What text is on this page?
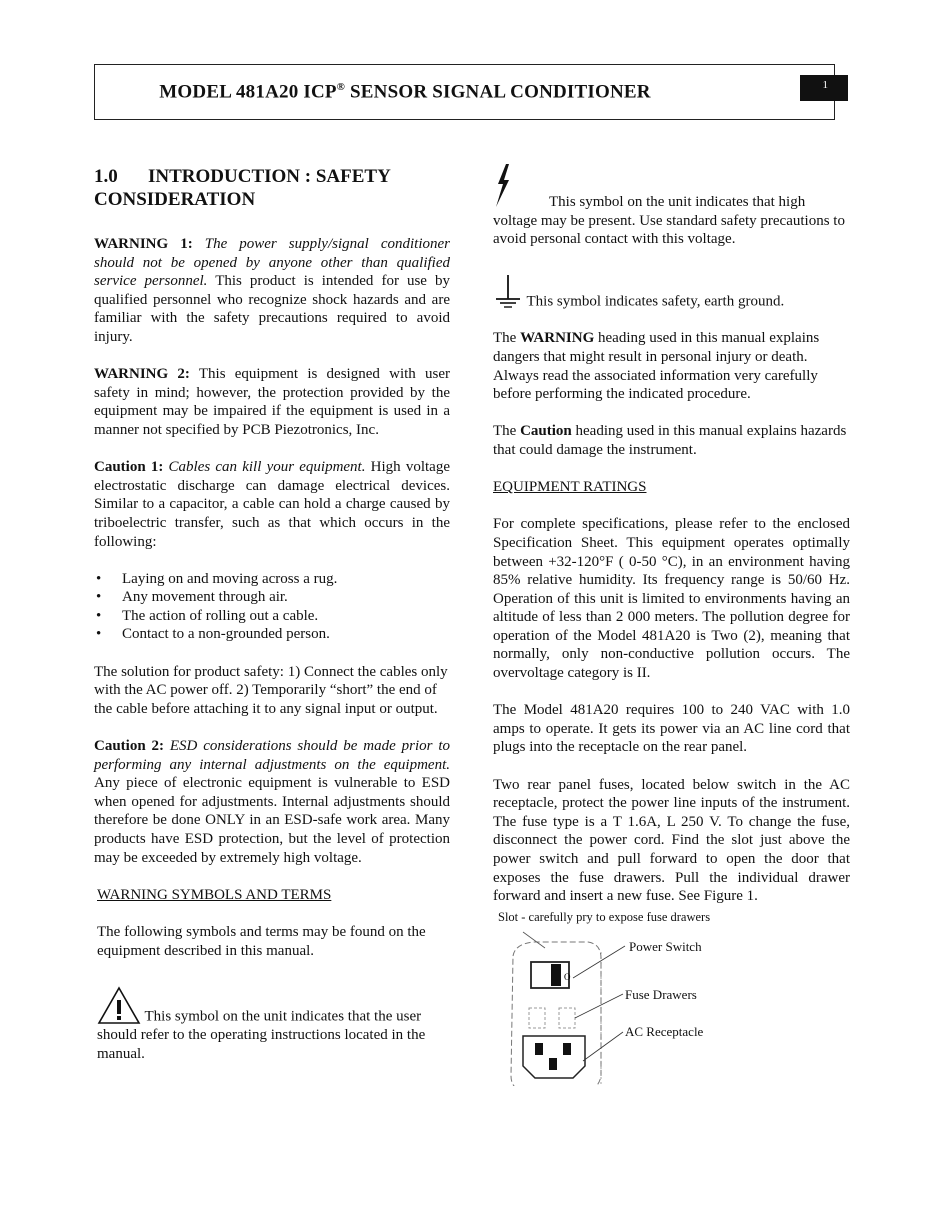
MODEL 481A20 ICP® SENSOR SIGNAL CONDITIONER	1
1.0 INTRODUCTION : SAFETY CONSIDERATION

WARNING 1: The power supply/signal conditioner should not be opened by anyone other than qualified service personnel. This product is intended for use by qualified personnel who recognize shock hazards and are familiar with the safety precautions required to avoid injury.

WARNING 2: This equipment is designed with user safety in mind; however, the protection provided by the equipment may be impaired if the equipment is used in a manner not specified by PCB Piezotronics, Inc.

Caution 1: Cables can kill your equipment. High voltage electrostatic discharge can damage electrical devices. Similar to a capacitor, a cable can hold a charge caused by triboelectric transfer, such as that which occurs in the following:

• Laying on and moving across a rug.
• Any movement through air.
• The action of rolling out a cable.
• Contact to a non-grounded person.

The solution for product safety: 1) Connect the cables only with the AC power off. 2) Temporarily “short” the end of the cable before attaching it to any signal input or output.

Caution 2: ESD considerations should be made prior to performing any internal adjustments on the equipment. Any piece of electronic equipment is vulnerable to ESD when opened for adjustments. Internal adjustments should therefore be done ONLY in an ESD-safe work area. Many products have ESD protection, but the level of protection may be exceeded by extremely high voltage.

WARNING SYMBOLS AND TERMS

The following symbols and terms may be found on the equipment described in this manual.

This symbol on the unit indicates that the user should refer to the operating instructions located in the manual.

This symbol on the unit indicates that high

voltage may be present. Use standard safety precautions to avoid personal contact with this voltage.

This symbol indicates safety, earth ground.

The WARNING heading used in this manual explains dangers that might result in personal injury or death. Always read the associated information very carefully before performing the indicated procedure.

The Caution heading used in this manual explains hazards that could damage the instrument.

EQUIPMENT RATINGS

For complete specifications, please refer to the enclosed Specification Sheet. This equipment operates optimally between +32-120°F ( 0-50 °C), in an environment having 85% relative humidity. Its frequency range is 50/60 Hz. Operation of this unit is limited to environments having an altitude of less than 2 000 meters. The pollution degree for operation of the Model 481A20 is Two (2), meaning that normally, only non-conductive pollution occurs. The overvoltage category is II.

The Model 481A20 requires 100 to 240 VAC with 1.0 amps to operate. It gets its power via an AC line cord that plugs into the receptacle on the rear panel.

Two rear panel fuses, located below switch in the AC receptacle, protect the power line inputs of the instrument. The fuse type is a T 1.6A, L 250 V. To change the fuse, disconnect the power cord. Find the slot just above the power switch and pull forward to open the door that exposes the fuse drawers. Pull the individual drawer forward and insert a new fuse. See Figure 1.

Slot - carefully pry to expose fuse drawers

O
Power Switch
Fuse Drawers
AC Receptacle
